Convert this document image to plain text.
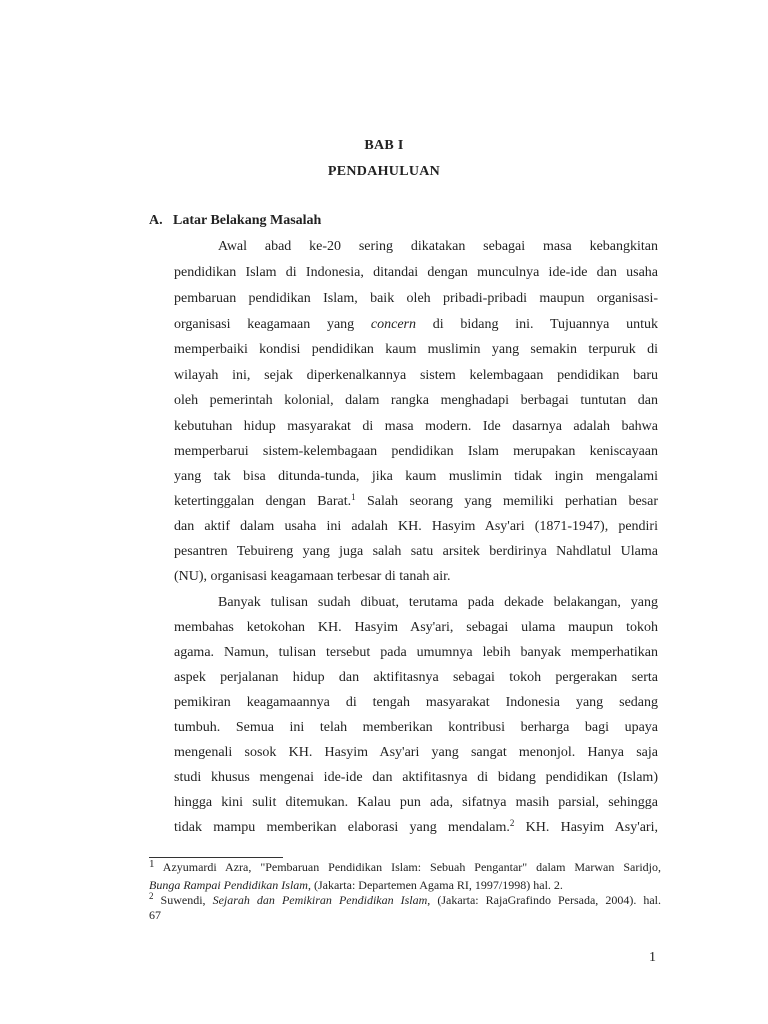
BAB I
PENDAHULUAN
A. Latar Belakang Masalah
Awal abad ke-20 sering dikatakan sebagai masa kebangkitan
pendidikan Islam di Indonesia, ditandai dengan munculnya ide-ide dan usaha
pembaruan pendidikan Islam, baik oleh pribadi-pribadi maupun organisasi-
organisasi keagamaan yang concern di bidang ini. Tujuannya untuk
memperbaiki kondisi pendidikan kaum muslimin yang semakin terpuruk di
wilayah ini, sejak diperkenalkannya sistem kelembagaan pendidikan baru
oleh pemerintah kolonial, dalam rangka menghadapi berbagai tuntutan dan
kebutuhan hidup masyarakat di masa modern. Ide dasarnya adalah bahwa
memperbarui sistem-kelembagaan pendidikan Islam merupakan keniscayaan
yang tak bisa ditunda-tunda, jika kaum muslimin tidak ingin mengalami
ketertinggalan dengan Barat.$^1$ Salah seorang yang memiliki perhatian besar
dan aktif dalam usaha ini adalah KH. Hasyim Asy'ari (1871-1947), pendiri
pesantren Tebuireng yang juga salah satu arsitek berdirinya Nahdlatul Ulama
(NU), organisasi keagamaan terbesar di tanah air.
Banyak tulisan sudah dibuat, terutama pada dekade belakangan, yang
membahas ketokohan KH. Hasyim Asy'ari, sebagai ulama maupun tokoh
agama. Namun, tulisan tersebut pada umumnya lebih banyak memperhatikan
aspek perjalanan hidup dan aktifitasnya sebagai tokoh pergerakan serta
pemikiran keagamaannya di tengah masyarakat Indonesia yang sedang
tumbuh. Semua ini telah memberikan kontribusi berharga bagi upaya
mengenali sosok KH. Hasyim Asy'ari yang sangat menonjol. Hanya saja
studi khusus mengenai ide-ide dan aktifitasnya di bidang pendidikan (Islam)
hingga kini sulit ditemukan. Kalau pun ada, sifatnya masih parsial, sehingga
tidak mampu memberikan elaborasi yang mendalam.$^2$ KH. Hasyim Asy'ari,
1 Azyumardi Azra, "Pembaruan Pendidikan Islam: Sebuah Pengantar" dalam Marwan Saridjo,
Bunga Rampai Pendidikan Islam, (Jakarta: Departemen Agama RI, 1997/1998) hal. 2.
$^2$ Suwendi, Sejarah dan Pemikiran Pendidikan Islam, (Jakarta: RajaGrafindo Persada, 2004). hal.
67
1
